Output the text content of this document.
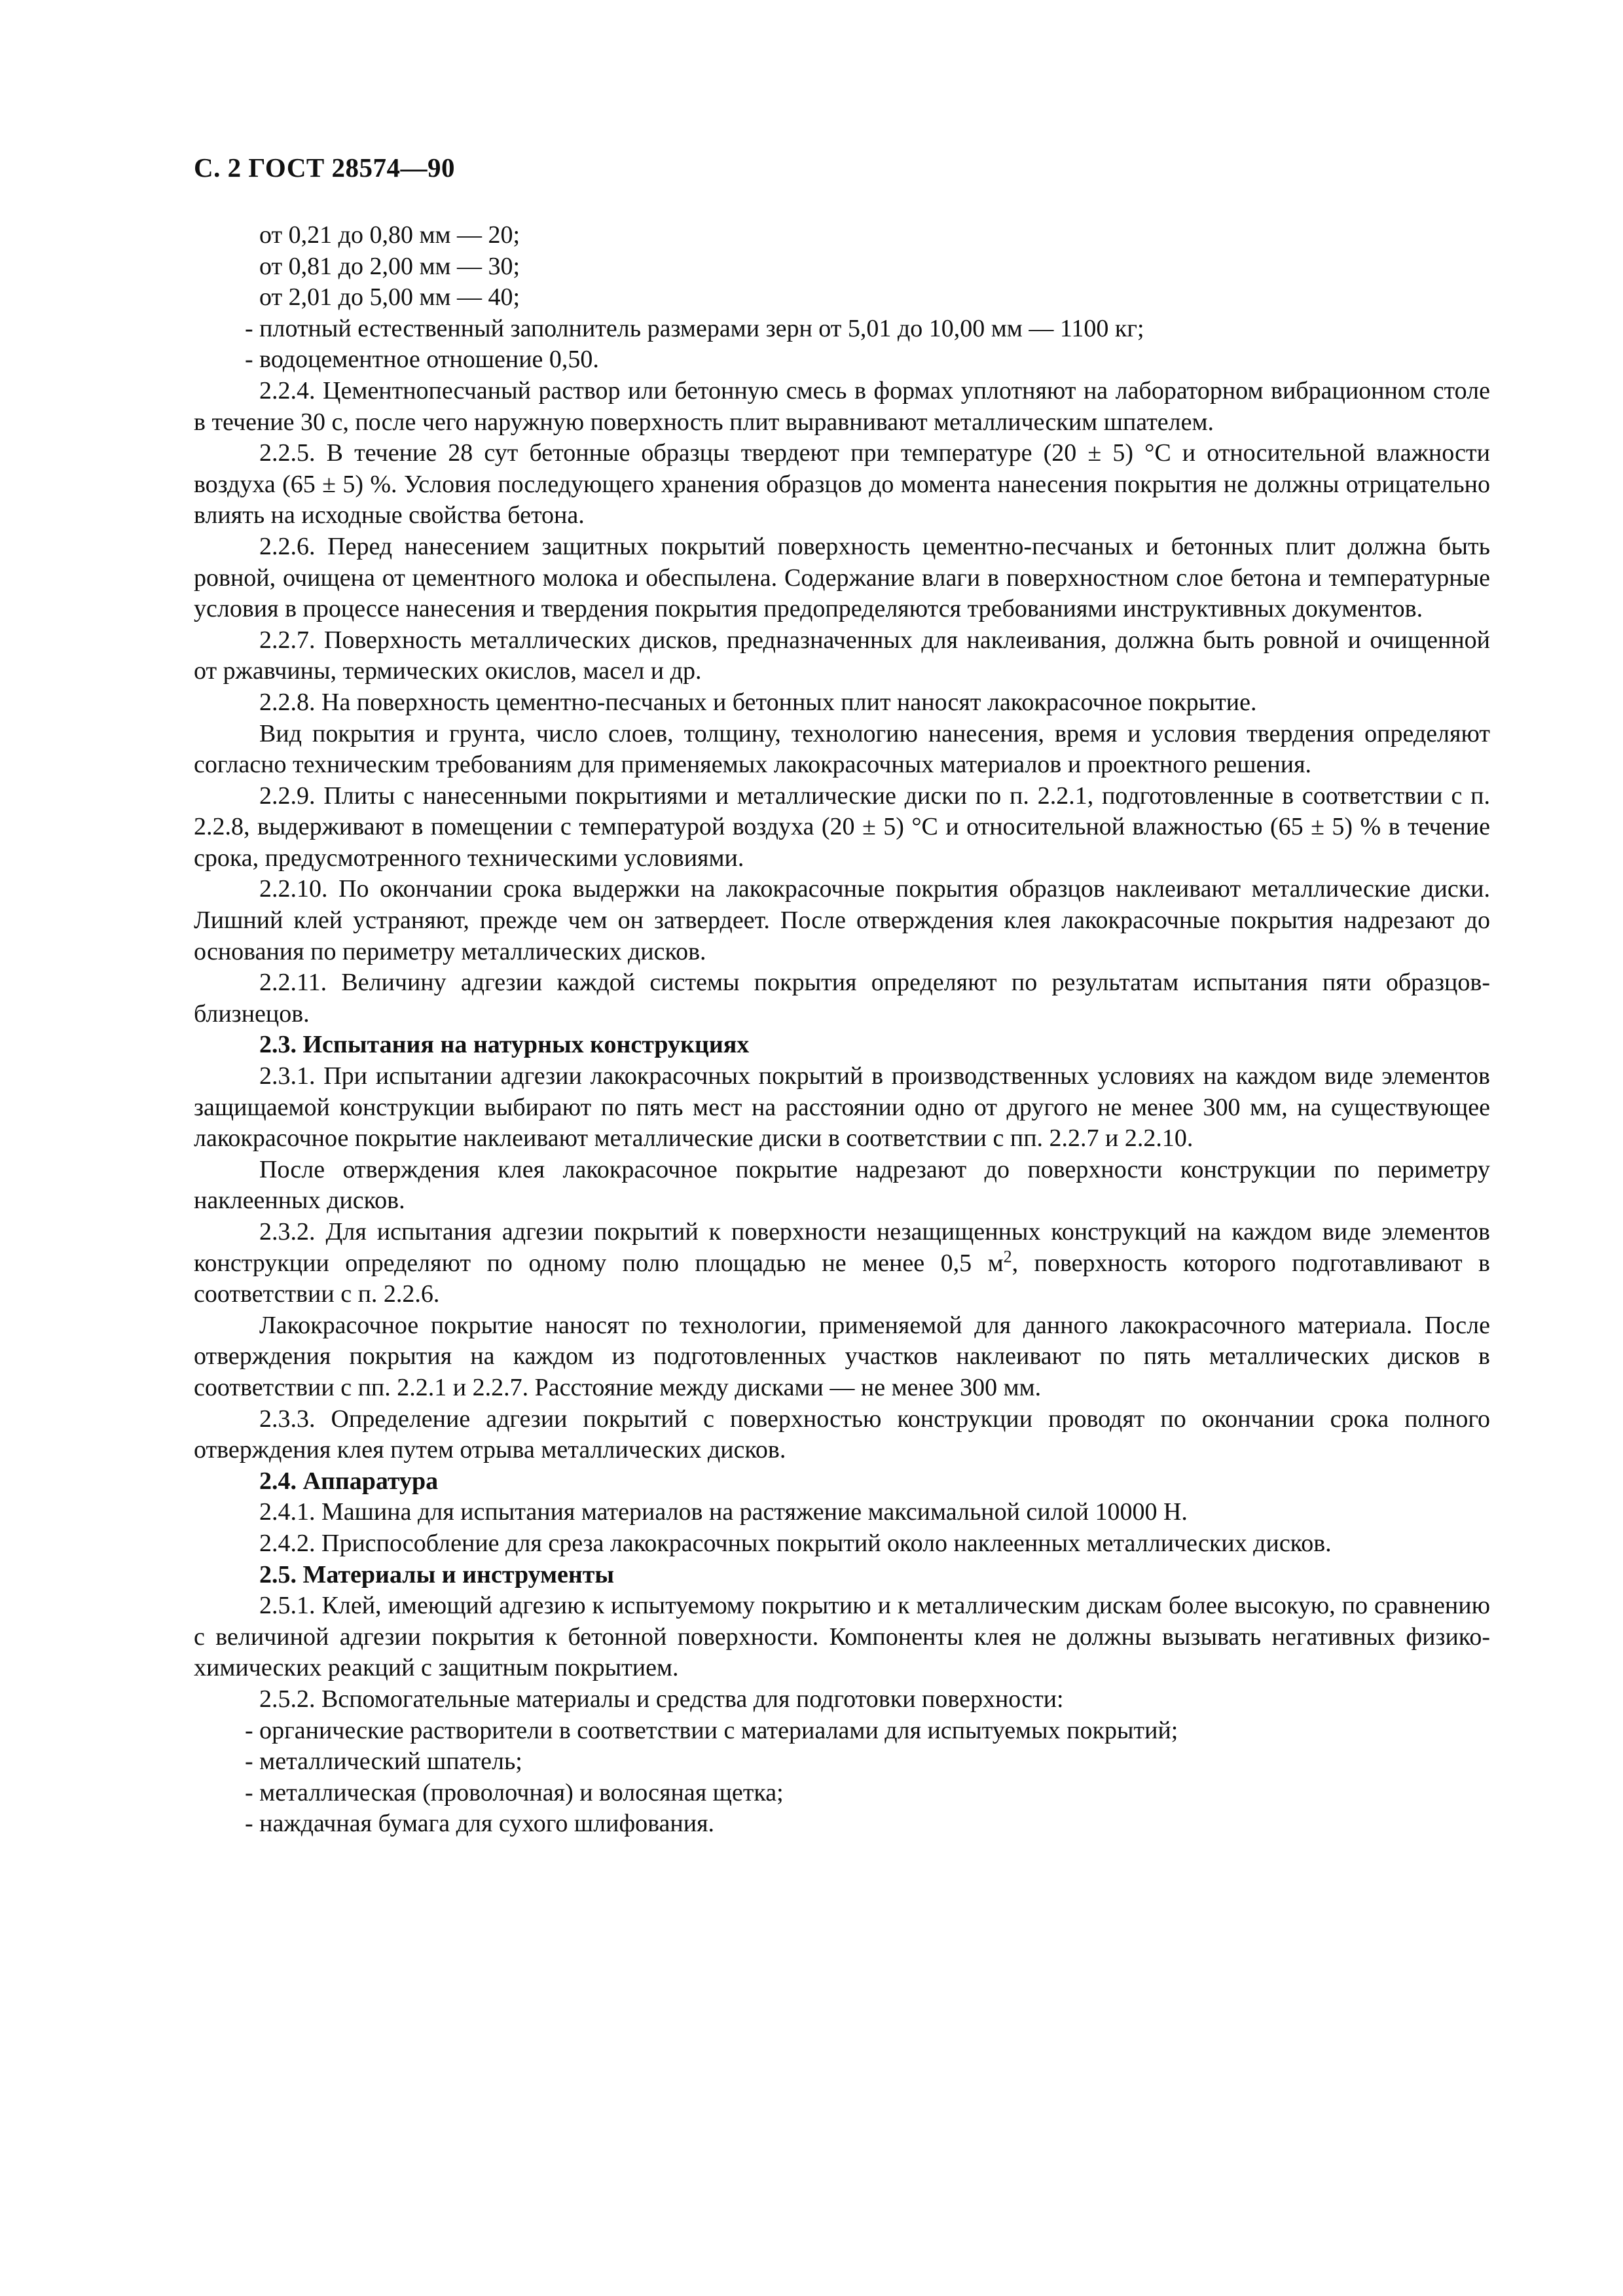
С. 2 ГОСТ 28574—90

от 0,21 до 0,80 мм — 20;

от 0,81 до 2,00 мм — 30;

от 2,01 до 5,00 мм — 40;

- плотный естественный заполнитель размерами зерн от 5,01 до 10,00 мм — 1100 кг;

- водоцементное отношение 0,50.

2.2.4. Цементнопесчаный раствор или бетонную смесь в формах уплотняют на лабораторном вибрационном столе в течение 30 с, после чего наружную поверхность плит выравнивают металлическим шпателем.

2.2.5. В течение 28 сут бетонные образцы твердеют при температуре (20 ± 5) °С и относительной влажности воздуха (65 ± 5) %. Условия последующего хранения образцов до момента нанесения покрытия не должны отрицательно влиять на исходные свойства бетона.

2.2.6. Перед нанесением защитных покрытий поверхность цементно-песчаных и бетонных плит должна быть ровной, очищена от цементного молока и обеспылена. Содержание влаги в поверхностном слое бетона и температурные условия в процессе нанесения и твердения покрытия предопределяются требованиями инструктивных документов.

2.2.7. Поверхность металлических дисков, предназначенных для наклеивания, должна быть ровной и очищенной от ржавчины, термических окислов, масел и др.

2.2.8. На поверхность цементно-песчаных и бетонных плит наносят лакокрасочное покрытие.

Вид покрытия и грунта, число слоев, толщину, технологию нанесения, время и условия твердения определяют согласно техническим требованиям для применяемых лакокрасочных материалов и проектного решения.

2.2.9. Плиты с нанесенными покрытиями и металлические диски по п. 2.2.1, подготовленные в соответствии с п. 2.2.8, выдерживают в помещении с температурой воздуха (20 ± 5) °С и относительной влажностью (65 ± 5) % в течение срока, предусмотренного техническими условиями.

2.2.10. По окончании срока выдержки на лакокрасочные покрытия образцов наклеивают металлические диски. Лишний клей устраняют, прежде чем он затвердеет. После отверждения клея лакокрасочные покрытия надрезают до основания по периметру металлических дисков.

2.2.11. Величину адгезии каждой системы покрытия определяют по результатам испытания пяти образцов-близнецов.

2.3. Испытания на натурных конструкциях

2.3.1. При испытании адгезии лакокрасочных покрытий в производственных условиях на каждом виде элементов защищаемой конструкции выбирают по пять мест на расстоянии одно от другого не менее 300 мм, на существующее лакокрасочное покрытие наклеивают металлические диски в соответствии с пп. 2.2.7 и 2.2.10.

После отверждения клея лакокрасочное покрытие надрезают до поверхности конструкции по периметру наклеенных дисков.

2.3.2. Для испытания адгезии покрытий к поверхности незащищенных конструкций на каждом виде элементов конструкции определяют по одному полю площадью не менее 0,5 $м^2$, поверхность которого подготавливают в соответствии с п. 2.2.6.

Лакокрасочное покрытие наносят по технологии, применяемой для данного лакокрасочного материала. После отверждения покрытия на каждом из подготовленных участков наклеивают по пять металлических дисков в соответствии с пп. 2.2.1 и 2.2.7. Расстояние между дисками — не менее 300 мм.

2.3.3. Определение адгезии покрытий с поверхностью конструкции проводят по окончании срока полного отверждения клея путем отрыва металлических дисков.

2.4. Аппаратура

2.4.1. Машина для испытания материалов на растяжение максимальной силой 10000 Н.

2.4.2. Приспособление для среза лакокрасочных покрытий около наклеенных металлических дисков.

2.5. Материалы и инструменты

2.5.1. Клей, имеющий адгезию к испытуемому покрытию и к металлическим дискам более высокую, по сравнению с величиной адгезии покрытия к бетонной поверхности. Компоненты клея не должны вызывать негативных физико-химических реакций с защитным покрытием.

2.5.2. Вспомогательные материалы и средства для подготовки поверхности:

- органические растворители в соответствии с материалами для испытуемых покрытий;

- металлический шпатель;

- металлическая (проволочная) и волосяная щетка;

- наждачная бумага для сухого шлифования.
